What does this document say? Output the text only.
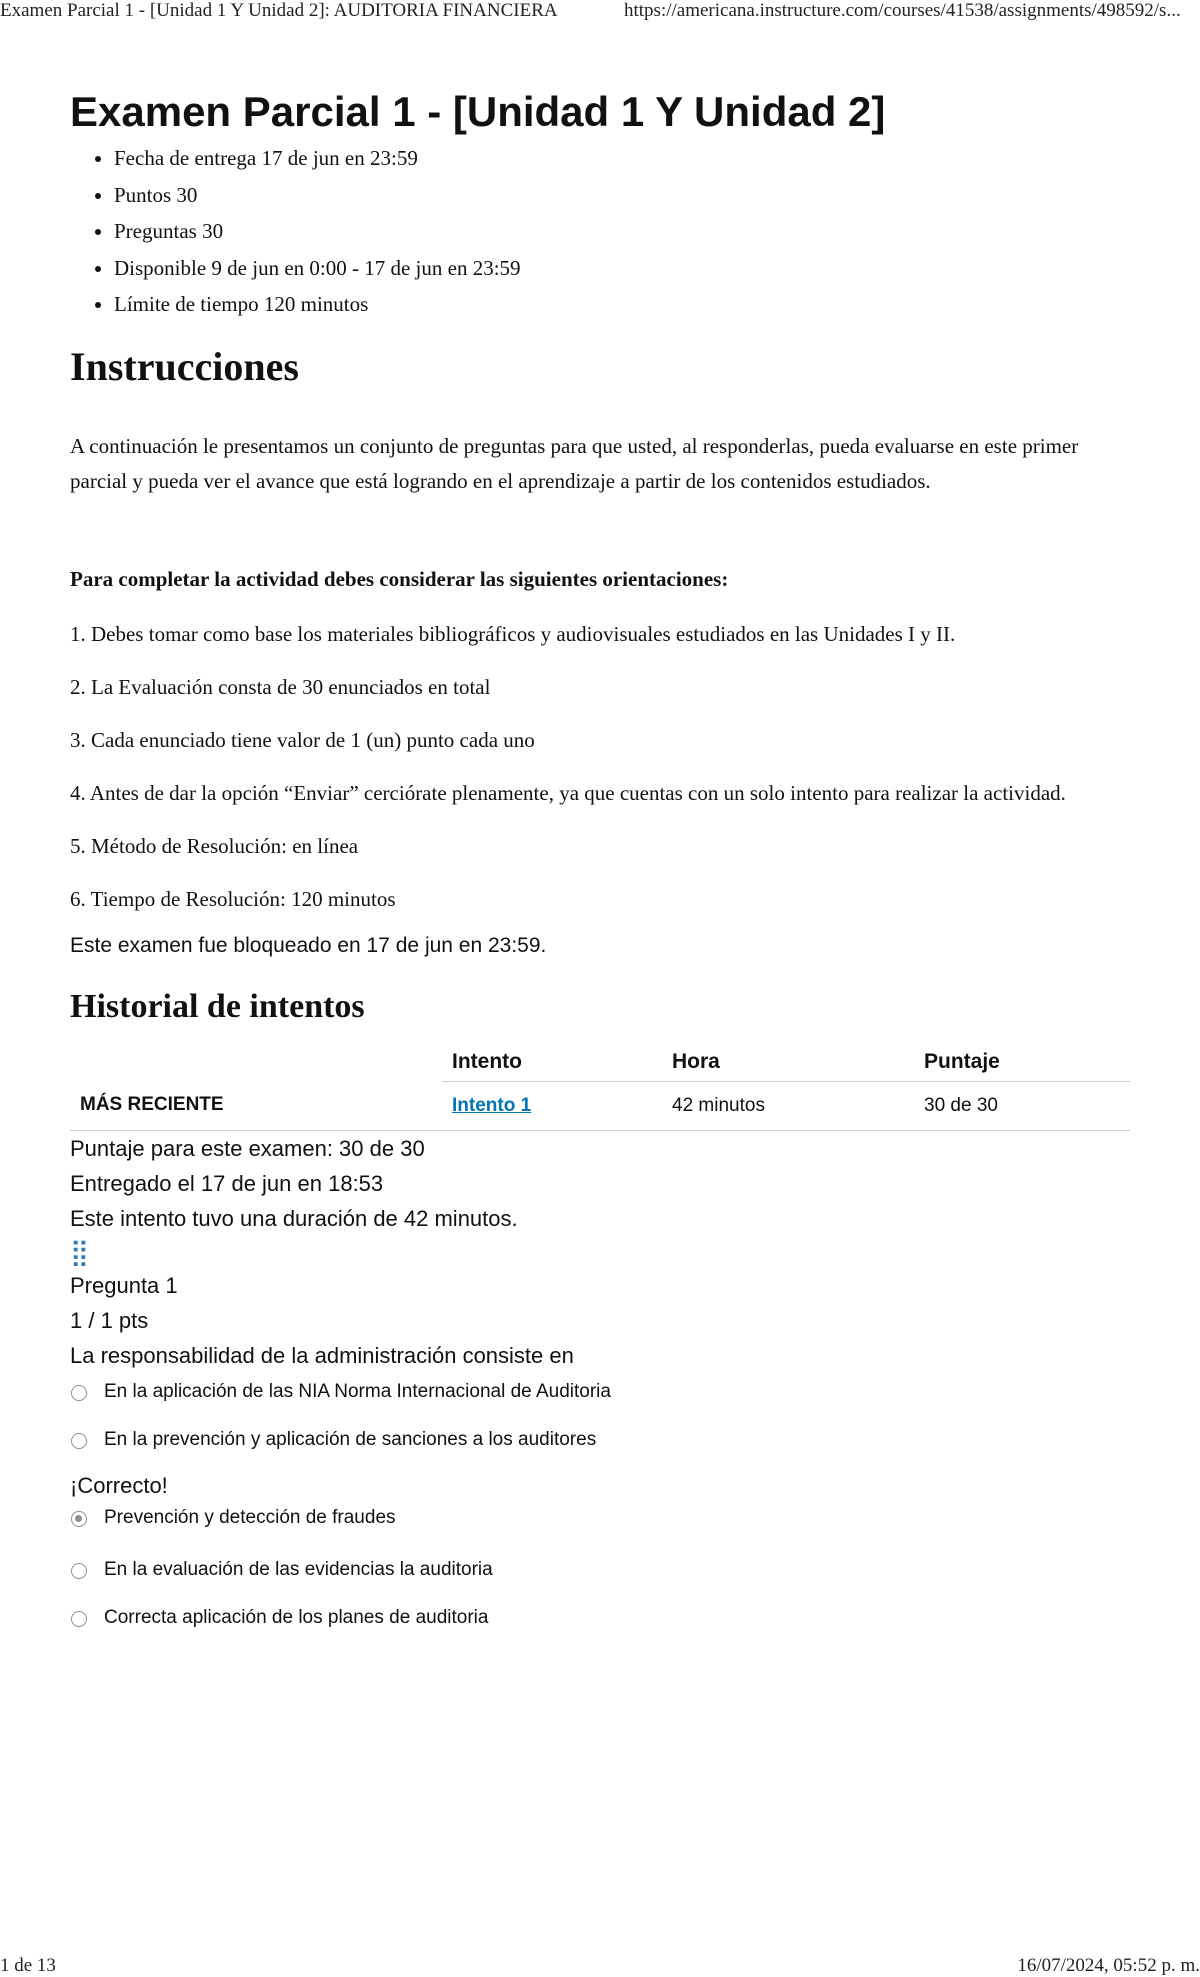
Examen Parcial 1 - [Unidad 1 Y Unidad 2]: AUDITORIA FINANCIERA	https://americana.instructure.com/courses/41538/assignments/498592/s...
Examen Parcial 1 - [Unidad 1 Y Unidad 2]
• Fecha de entrega 17 de jun en 23:59
• Puntos 30
• Preguntas 30
• Disponible 9 de jun en 0:00 - 17 de jun en 23:59
• Límite de tiempo 120 minutos
Instrucciones

A continuación le presentamos un conjunto de preguntas para que usted, al responderlas, pueda evaluarse en este primer parcial y pueda ver el avance que está logrando en el aprendizaje a partir de los contenidos estudiados.

Para completar la actividad debes considerar las siguientes orientaciones:

1. Debes tomar como base los materiales bibliográficos y audiovisuales estudiados en las Unidades I y II.

2. La Evaluación consta de 30 enunciados en total

3. Cada enunciado tiene valor de 1 (un) punto cada uno

4. Antes de dar la opción “Enviar” cerciórate plenamente, ya que cuentas con un solo intento para realizar la actividad.

5. Método de Resolución: en línea

6. Tiempo de Resolución: 120 minutos

Este examen fue bloqueado en 17 de jun en 23:59.

Historial de intentos
	Intento	Hora	Puntaje
MÁS RECIENTE	Intento 1	42 minutos	30 de 30
Puntaje para este examen: 30 de 30
Entregado el 17 de jun en 18:53
Este intento tuvo una duración de 42 minutos.
⣿
Pregunta 1
1 / 1 pts
La responsabilidad de la administración consiste en
En la aplicación de las NIA Norma Internacional de Auditoria
En la prevención y aplicación de sanciones a los auditores
¡Correcto!
Prevención y detección de fraudes
En la evaluación de las evidencias la auditoria
Correcta aplicación de los planes de auditoria
1 de 13	16/07/2024, 05:52 p. m.
